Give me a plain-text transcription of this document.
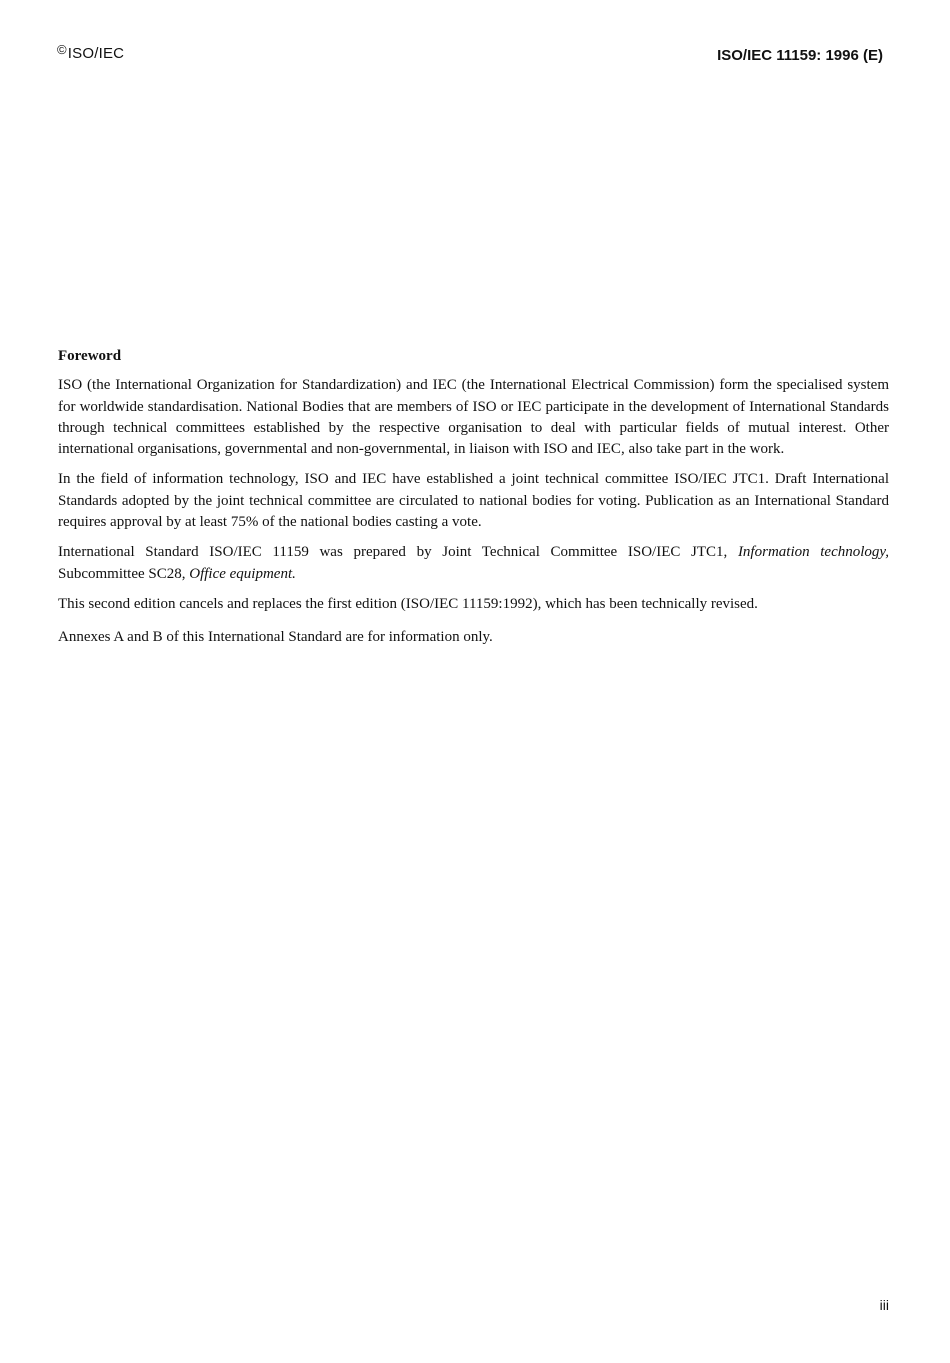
©ISO/IEC	ISO/IEC 11159: 1996 (E)

Foreword

ISO (the International Organization for Standardization) and IEC (the International Electrical Commission) form the specialised system for worldwide standardisation. National Bodies that are members of ISO or IEC participate in the development of International Standards through technical committees established by the respective organisation to deal with particular fields of mutual interest. Other international organisations, governmental and non-governmental, in liaison with ISO and IEC, also take part in the work.

In the field of information technology, ISO and IEC have established a joint technical committee ISO/IEC JTC1. Draft International Standards adopted by the joint technical committee are circulated to national bodies for voting. Publication as an International Standard requires approval by at least 75% of the national bodies casting a vote.

International Standard ISO/IEC 11159 was prepared by Joint Technical Committee ISO/IEC JTC1, Information technology, Subcommittee SC28, Office equipment.

This second edition cancels and replaces the first edition (ISO/IEC 11159:1992), which has been technically revised.

Annexes A and B of this International Standard are for information only.

iii
